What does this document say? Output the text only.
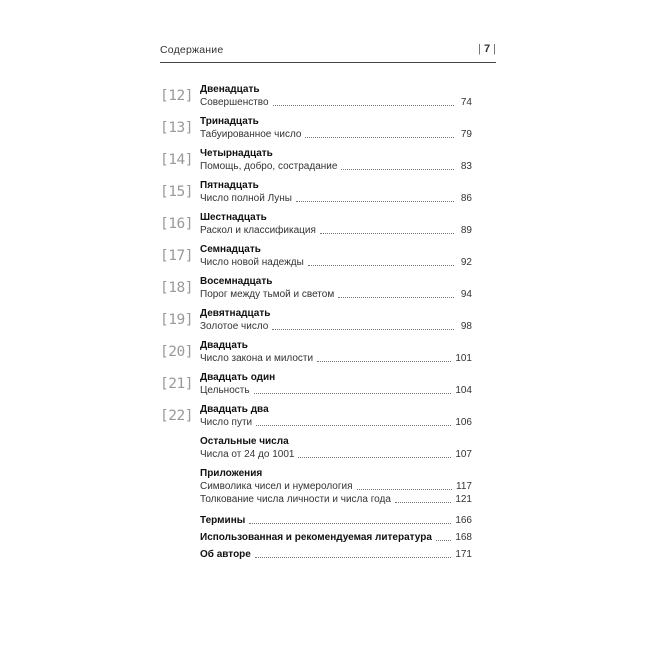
Содержание	| 7 |
[12] Двенадцать
Совершенство	74
[13] Тринадцать
Табуированное число	79
[14] Четырнадцать
Помощь, добро, сострадание	83
[15] Пятнадцать
Число полной Луны	86
[16] Шестнадцать
Раскол и классификация	89
[17] Семнадцать
Число новой надежды	92
[18] Восемнадцать
Порог между тьмой и светом	94
[19] Девятнадцать
Золотое число	98
[20] Двадцать
Число закона и милости	101
[21] Двадцать один
Цельность	104
[22] Двадцать два
Число пути	106
Остальные числа
Числа от 24 до 1001	107
Приложения
Символика чисел и нумерология	117
Толкование числа личности и числа года	121
Термины	166
Использованная и рекомендуемая литература 168
Об авторе	171
